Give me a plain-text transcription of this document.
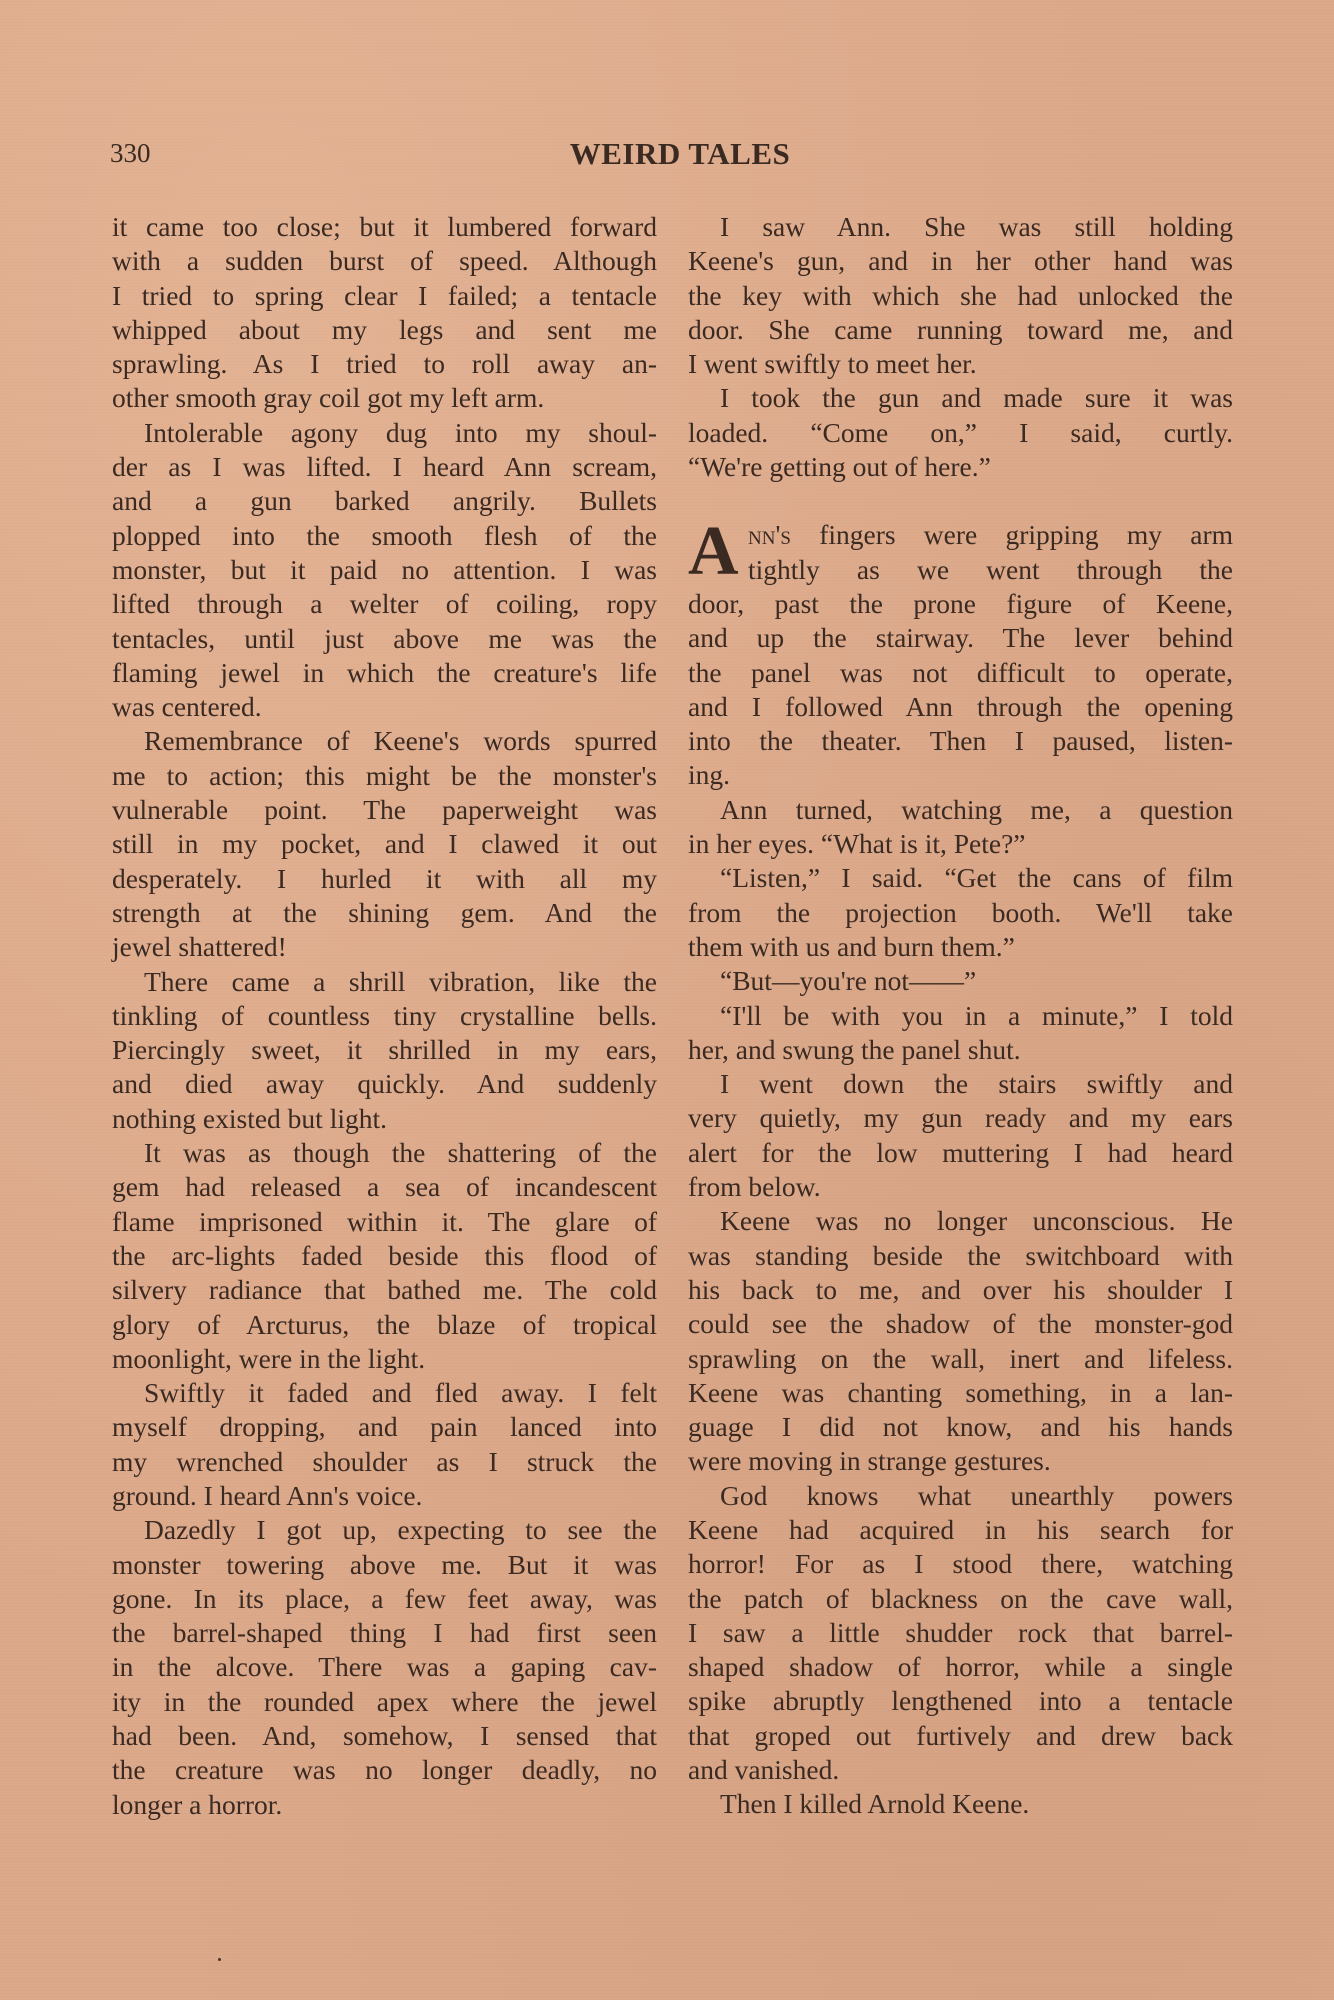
330	WEIRD TALES
it came too close; but it lumbered forward
with a sudden burst of speed. Although
I tried to spring clear I failed; a tentacle
whipped about my legs and sent me
sprawling. As I tried to roll away an-
other smooth gray coil got my left arm.
Intolerable agony dug into my shoul-
der as I was lifted. I heard Ann scream,
and a gun barked angrily. Bullets
plopped into the smooth flesh of the
monster, but it paid no attention. I was
lifted through a welter of coiling, ropy
tentacles, until just above me was the
flaming jewel in which the creature's life
was centered.
Remembrance of Keene's words spurred
me to action; this might be the monster's
vulnerable point. The paperweight was
still in my pocket, and I clawed it out
desperately. I hurled it with all my
strength at the shining gem. And the
jewel shattered!
There came a shrill vibration, like the
tinkling of countless tiny crystalline bells.
Piercingly sweet, it shrilled in my ears,
and died away quickly. And suddenly
nothing existed but light.
It was as though the shattering of the
gem had released a sea of incandescent
flame imprisoned within it. The glare of
the arc-lights faded beside this flood of
silvery radiance that bathed me. The cold
glory of Arcturus, the blaze of tropical
moonlight, were in the light.
Swiftly it faded and fled away. I felt
myself dropping, and pain lanced into
my wrenched shoulder as I struck the
ground. I heard Ann's voice.
Dazedly I got up, expecting to see the
monster towering above me. But it was
gone. In its place, a few feet away, was
the barrel-shaped thing I had first seen
in the alcove. There was a gaping cav-
ity in the rounded apex where the jewel
had been. And, somehow, I sensed that
the creature was no longer deadly, no
longer a horror.
I saw Ann. She was still holding
Keene's gun, and in her other hand was
the key with which she had unlocked the
door. She came running toward me, and
I went swiftly to meet her.
I took the gun and made sure it was
loaded. “Come on,” I said, curtly.
“We're getting out of here.”
A nn's fingers were gripping my arm
tightly as we went through the
door, past the prone figure of Keene,
and up the stairway. The lever behind
the panel was not difficult to operate,
and I followed Ann through the opening
into the theater. Then I paused, listen-
ing.
Ann turned, watching me, a question
in her eyes. “What is it, Pete?”
“Listen,” I said. “Get the cans of film
from the projection booth. We'll take
them with us and burn them.”
“But—you're not——”
“I'll be with you in a minute,” I told
her, and swung the panel shut.
I went down the stairs swiftly and
very quietly, my gun ready and my ears
alert for the low muttering I had heard
from below.
Keene was no longer unconscious. He
was standing beside the switchboard with
his back to me, and over his shoulder I
could see the shadow of the monster-god
sprawling on the wall, inert and lifeless.
Keene was chanting something, in a lan-
guage I did not know, and his hands
were moving in strange gestures.
God knows what unearthly powers
Keene had acquired in his search for
horror! For as I stood there, watching
the patch of blackness on the cave wall,
I saw a little shudder rock that barrel-
shaped shadow of horror, while a single
spike abruptly lengthened into a tentacle
that groped out furtively and drew back
and vanished.
Then I killed Arnold Keene.
